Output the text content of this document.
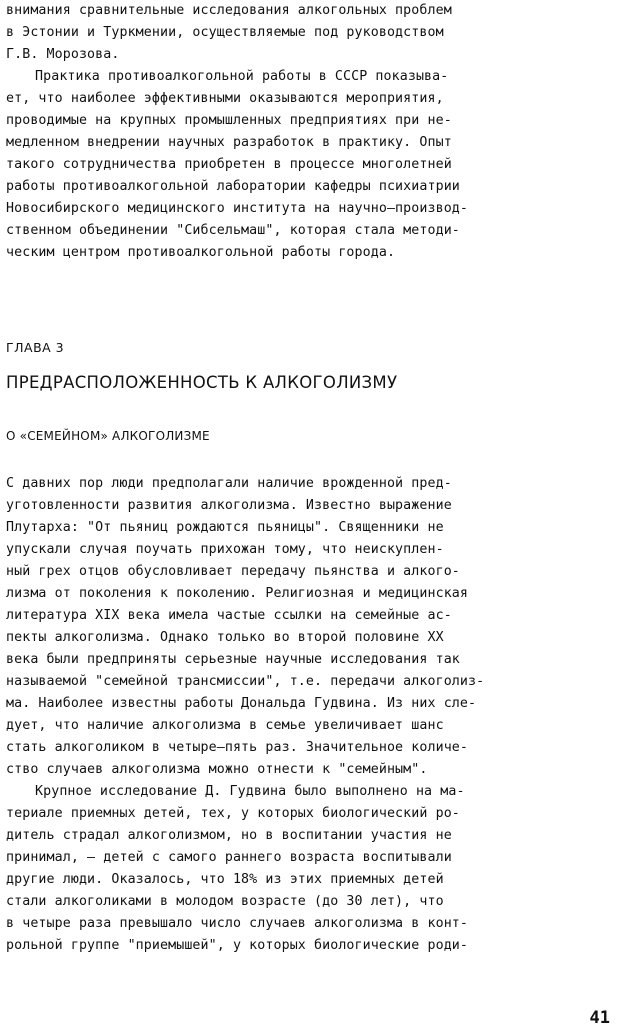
внимания сравнительные исследования алкогольных проблем
в Эстонии и Туркмении, осуществляемые под руководством
Г.В. Морозова.
Практика противоалкогольной работы в СССР показыва-
ет, что наиболее эффективными оказываются мероприятия,
проводимые на крупных промышленных предприятиях при не-
медленном внедрении научных разработок в практику. Опыт
такого сотрудничества приобретен в процессе многолетней
работы противоалкогольной лаборатории кафедры психиатрии
Новосибирского медицинского института на научно–производ-
ственном объединении "Сибсельмаш", которая стала методи-
ческим центром противоалкогольной работы города.
ГЛАВА 3
ПРЕДРАСПОЛОЖЕННОСТЬ К АЛКОГОЛИЗМУ
О «СЕМЕЙНОМ» АЛКОГОЛИЗМЕ
С давних пор люди предполагали наличие врожденной пред-
уготовленности развития алкоголизма. Известно выражение
Плутарха: "От пьяниц рождаются пьяницы". Священники не
упускали случая поучать прихожан тому, что неискуплен-
ный грех отцов обусловливает передачу пьянства и алкого-
лизма от поколения к поколению. Религиозная и медицинская
литература XIX века имела частые ссылки на семейные ас-
пекты алкоголизма. Однако только во второй половине XX
века были предприняты серьезные научные исследования так
называемой "семейной трансмиссии", т.е. передачи алкоголиз-
ма. Наиболее известны работы Дональда Гудвина. Из них сле-
дует, что наличие алкоголизма в семье увеличивает шанс
стать алкоголиком в четыре–пять раз. Значительное количе-
ство случаев алкоголизма можно отнести к "семейным".
Крупное исследование Д. Гудвина было выполнено на ма-
териале приемных детей, тех, у которых биологический ро-
дитель страдал алкоголизмом, но в воспитании участия не
принимал, – детей с самого раннего возраста воспитывали
другие люди. Оказалось, что 18% из этих приемных детей
стали алкоголиками в молодом возрасте (до 30 лет), что
в четыре раза превышало число случаев алкоголизма в конт-
рольной группе "приемышей", у которых биологические роди-
41
